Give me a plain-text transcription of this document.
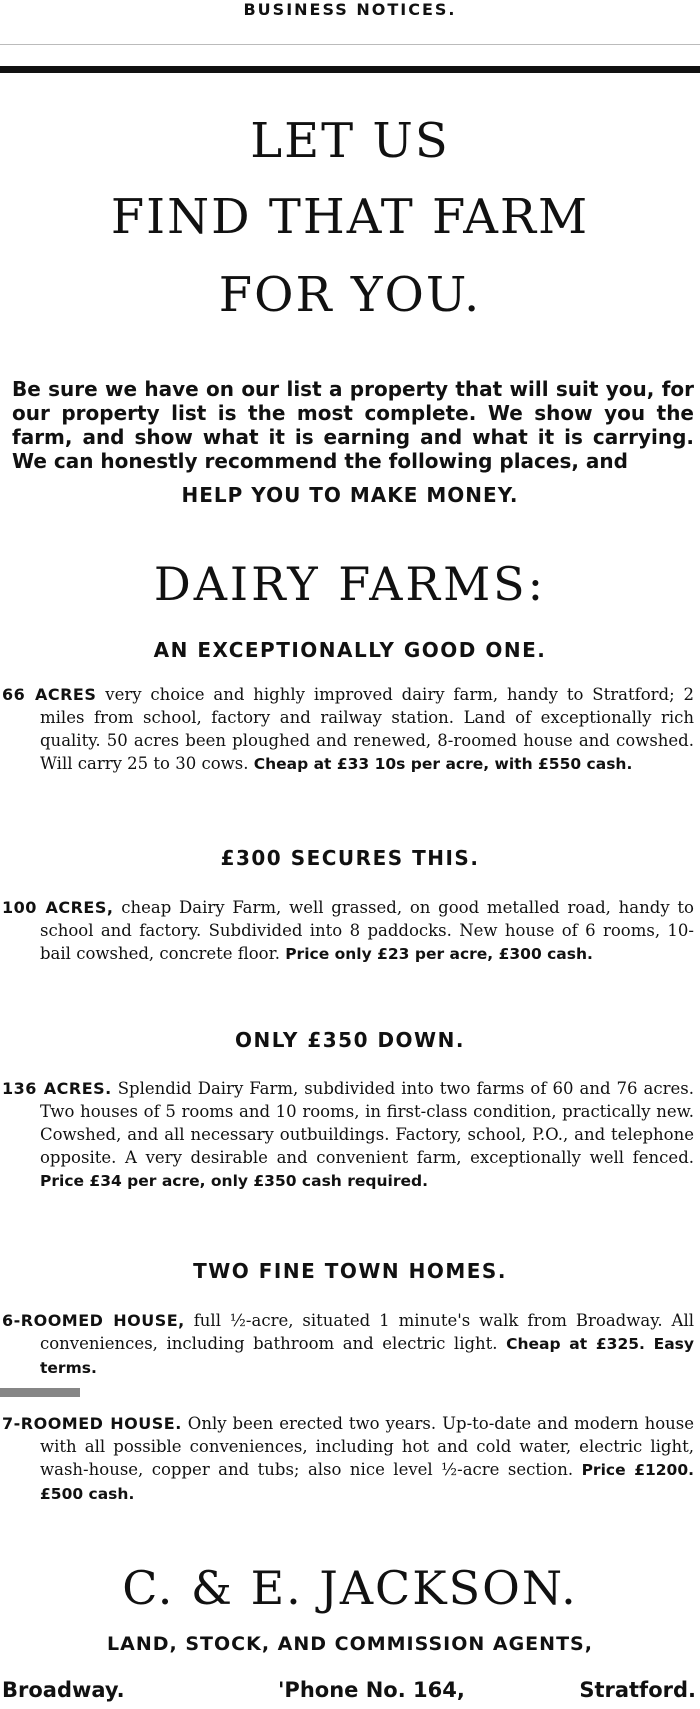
BUSINESS NOTICES.
LET US
FIND THAT FARM
FOR YOU.
Be sure we have on our list a property that will suit you, for our property list is the most complete. We show you the farm, and show what it is earning and what it is carrying. We can honestly recommend the following places, and
HELP YOU TO MAKE MONEY.
DAIRY FARMS:
AN EXCEPTIONALLY GOOD ONE.
66 ACRES very choice and highly improved dairy farm, handy to Stratford; 2 miles from school, factory and railway station. Land of exceptionally rich quality. 50 acres been ploughed and renewed, 8-roomed house and cowshed. Will carry 25 to 30 cows. Cheap at £33 10s per acre, with £550 cash.
£300 SECURES THIS.
100 ACRES, cheap Dairy Farm, well grassed, on good metalled road, handy to school and factory. Subdivided into 8 paddocks. New house of 6 rooms, 10-bail cowshed, concrete floor. Price only £23 per acre, £300 cash.
ONLY £350 DOWN.
136 ACRES. Splendid Dairy Farm, subdivided into two farms of 60 and 76 acres. Two houses of 5 rooms and 10 rooms, in first-class condition, practically new. Cowshed, and all necessary outbuildings. Factory, school, P.O., and telephone opposite. A very desirable and convenient farm, exceptionally well fenced. Price £34 per acre, only £350 cash required.
TWO FINE TOWN HOMES.
6-ROOMED HOUSE, full ½-acre, situated 1 minute's walk from Broadway. All conveniences, including bathroom and electric light. Cheap at £325. Easy terms.
7-ROOMED HOUSE. Only been erected two years. Up-to-date and modern house with all possible conveniences, including hot and cold water, electric light, wash-house, copper and tubs; also nice level ½-acre section. Price £1200. £500 cash.
C. & E. JACKSON.
LAND, STOCK, AND COMMISSION AGENTS,
Broadway.	'Phone No. 164,	Stratford.
